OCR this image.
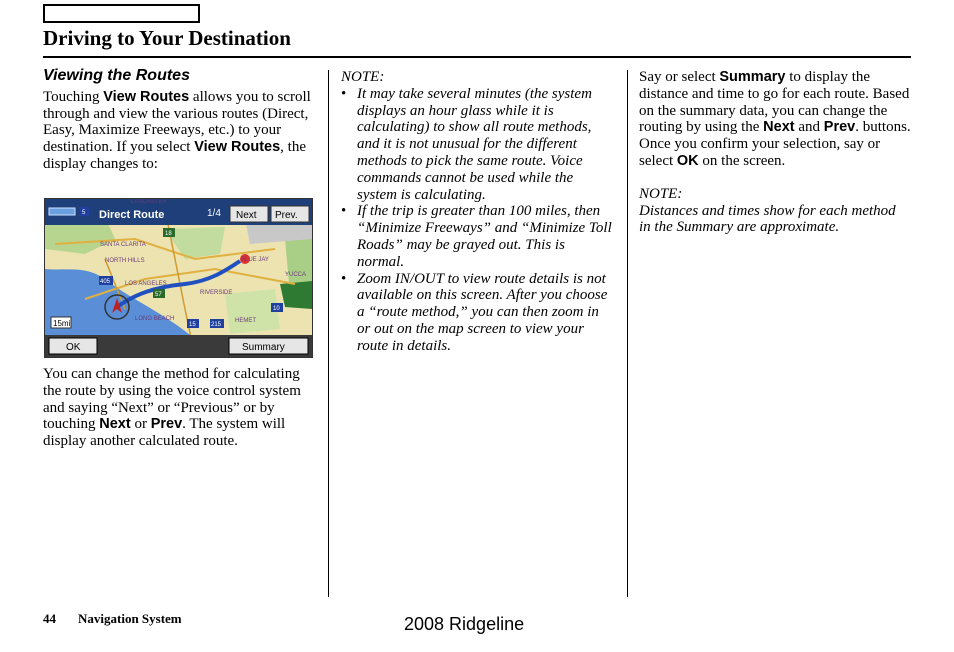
Driving to Your Destination
Viewing the Routes

Touching View Routes allows you to scroll through and view the various routes (Direct, Easy, Maximize Freeways, etc.) to your destination. If you select View Routes, the display changes to:

Direct Route	1/4 Next Prev.
LANCASTER
SANTA CLARITA
NORTH HILLS	BLUE JAY
YUCCA
LOS ANGELES
RIVERSIDE
LONG BEACH	HEMET
5
18
405
57
15	215
10
15mi
OK	Summary

You can change the method for calculating the route by using the voice control system and saying “Next” or “Previous” or by touching Next or Prev. The system will display another calculated route.

NOTE:

• It may take several minutes (the system displays an hour glass while it is calculating) to show all route methods, and it is not unusual for the different methods to pick the same route. Voice commands cannot be used while the system is calculating.
• If the trip is greater than 100 miles, then “Minimize Freeways” and “Minimize Toll Roads” may be grayed out. This is normal.
• Zoom IN/OUT to view route details is not available on this screen. After you choose a “route method,” you can then zoom in or out on the map screen to view your route in details.

Say or select Summary to display the distance and time to go for each route. Based on the summary data, you can change the routing by using the Next and Prev. buttons.

Once you confirm your selection, say or select OK on the screen.

NOTE:

Distances and times show for each method in the Summary are approximate.

44 Navigation System	2008 Ridgeline
